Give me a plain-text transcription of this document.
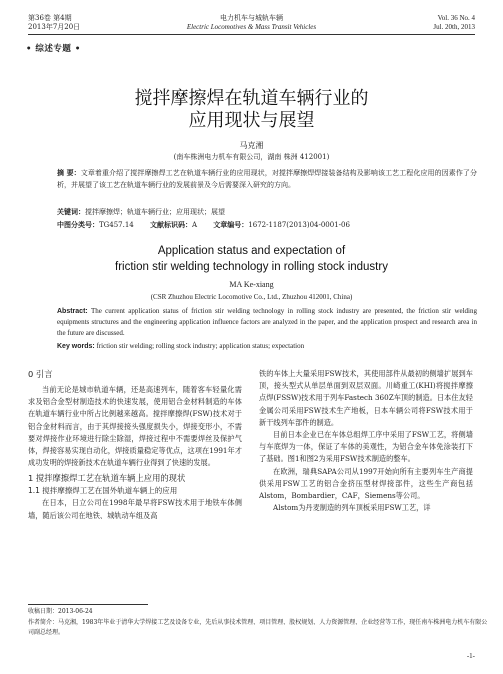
第36卷 第4期
2013年7月20日
电力机车与城轨车辆
Electric Locomotives & Mass Transit Vehicles
Vol. 36 No. 4
Jul. 20th, 2013
• 综述专题 •
搅拌摩擦焊在轨道车辆行业的
应用现状与展望
马克湘
(南车株洲电力机车有限公司，湖南 株洲 412001)
摘 要：文章着重介绍了搅拌摩擦焊工艺在轨道车辆行业的应用现状，对搅拌摩擦焊焊接装备结构及影响该工艺工程化应用的因素作了分析，并展望了该工艺在轨道车辆行业的发展前景及今后需要深入研究的方向。
关键词：搅拌摩擦焊；轨道车辆行业；应用现状；展望
中图分类号：TG457.14 文献标识码：A 文章编号：1672-1187(2013)04-0001-06
Application status and expectation of
friction stir welding technology in rolling stock industry
MA Ke-xiang
(CSR Zhuzhou Electric Locomotive Co., Ltd., Zhuzhou 412001, China)
Abstract: The current application status of friction stir welding technology in rolling stock industry are presented, the friction stir welding equipments structures and the engineering application influence factors are analyzed in the paper, and the application prospect and research area in the future are discussed.
Key words: friction stir welding; rolling stock industry; application status; expectation
0 引言

当前无论是城市轨道车辆，还是高速列车，随着客车轻量化需求及铝合金型材制造技术的快速发展，使用铝合金材料制造的车体在轨道车辆行业中所占比例越来越高。搅拌摩擦焊(FSW)技术对于铝合金材料而言，由于其焊接接头强度损失小，焊接变形小，不需要对焊接作业环境进行除尘除湿，焊接过程中不需要焊丝及保护气体，焊接容易实现自动化，焊接质量稳定等优点，这项在1991年才成功发明的焊接新技术在轨道车辆行业得到了快速的发展。

1 搅拌摩擦焊工艺在轨道车辆上应用的现状
1.1 搅拌摩擦焊工艺在国外轨道车辆上的应用

在日本，日立公司在1998年最早将FSW技术用于地铁车体侧墙，随后该公司在地铁、城轨动车组及高

铁的车体上大量采用FSW技术，其使用部件从最初的侧墙扩展到车顶，接头型式从单层单面到双层双面。川崎重工(KHI)将搅拌摩擦点焊(FSSW)技术用于列车Fastech 360Z车顶的制造。日本住友轻金属公司采用FSW技术生产地板，日本车辆公司将FSW技术用于新干线列车部件的制造。

目前日本企业已在车体总组焊工序中采用了FSW工艺，将侧墙与车底焊为一体，保证了车体的美观性，为铝合金车体免涂装打下了基础。图1和图2为采用FSW技术制造的整车。

在欧洲，瑞典SAPA公司从1997开始向所有主要列车生产商提供采用FSW工艺的铝合金挤压型材焊接部件，这些生产商包括Alstom，Bombardier，CAF，Siemens等公司。

Alstom为丹麦制造的列车顶板采用FSW工艺，详

收稿日期：2013-06-24
作者简介：马克湘，1983年毕业于清华大学焊接工艺及设备专业，先后从事技术管理、项目管理、股权规划、人力资源管理、企业经营等工作，现任南车株洲电力机车有限公司副总经理。
-1-
